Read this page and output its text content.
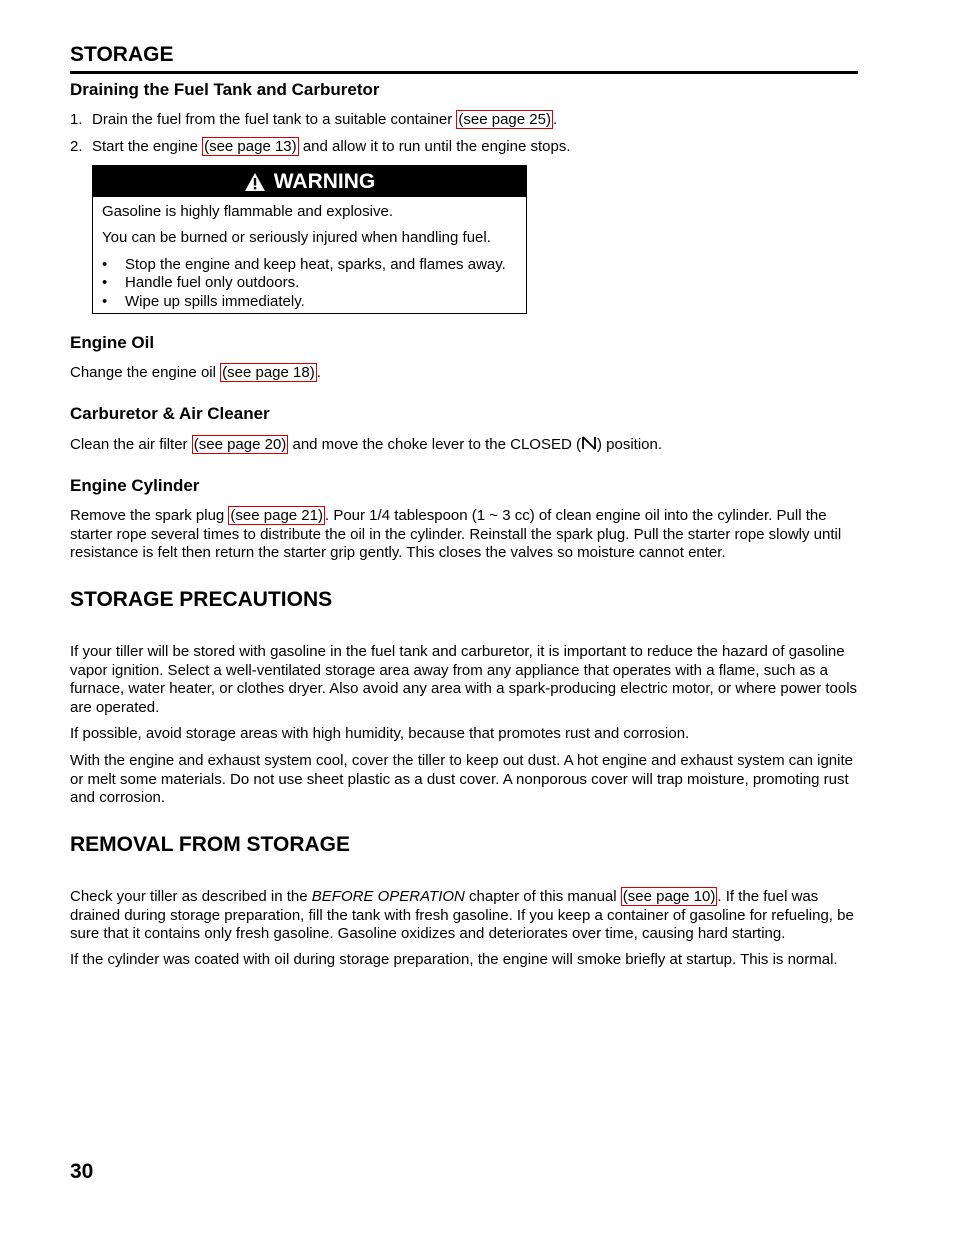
STORAGE
Draining the Fuel Tank and Carburetor
1. Drain the fuel from the fuel tank to a suitable container (see page 25) .
2. Start the engine (see page 13) and allow it to run until the engine stops.
WARNING

Gasoline is highly flammable and explosive.

You can be burned or seriously injured when handling fuel.

• Stop the engine and keep heat, sparks, and flames away.
• Handle fuel only outdoors.
• Wipe up spills immediately.
Engine Oil

Change the engine oil (see page 18) .

Carburetor & Air Cleaner

Clean the air filter (see page 20) and move the choke lever to the CLOSED ( ) position.

Engine Cylinder

Remove the spark plug (see page 21) . Pour 1/4 tablespoon (1 ~ 3 cc) of clean engine oil into the cylinder. Pull the starter rope several times to distribute the oil in the cylinder. Reinstall the spark plug. Pull the starter rope slowly until resistance is felt then return the starter grip gently. This closes the valves so moisture cannot enter.

STORAGE PRECAUTIONS

If your tiller will be stored with gasoline in the fuel tank and carburetor, it is important to reduce the hazard of gasoline vapor ignition. Select a well-ventilated storage area away from any appliance that operates with a flame, such as a furnace, water heater, or clothes dryer. Also avoid any area with a spark-producing electric motor, or where power tools are operated.

If possible, avoid storage areas with high humidity, because that promotes rust and corrosion.

With the engine and exhaust system cool, cover the tiller to keep out dust. A hot engine and exhaust system can ignite or melt some materials. Do not use sheet plastic as a dust cover. A nonporous cover will trap moisture, promoting rust and corrosion.

REMOVAL FROM STORAGE

Check your tiller as described in the BEFORE OPERATION chapter of this manual (see page 10) . If the fuel was drained during storage preparation, fill the tank with fresh gasoline. If you keep a container of gasoline for refueling, be sure that it contains only fresh gasoline. Gasoline oxidizes and deteriorates over time, causing hard starting.

If the cylinder was coated with oil during storage preparation, the engine will smoke briefly at startup. This is normal.

30
